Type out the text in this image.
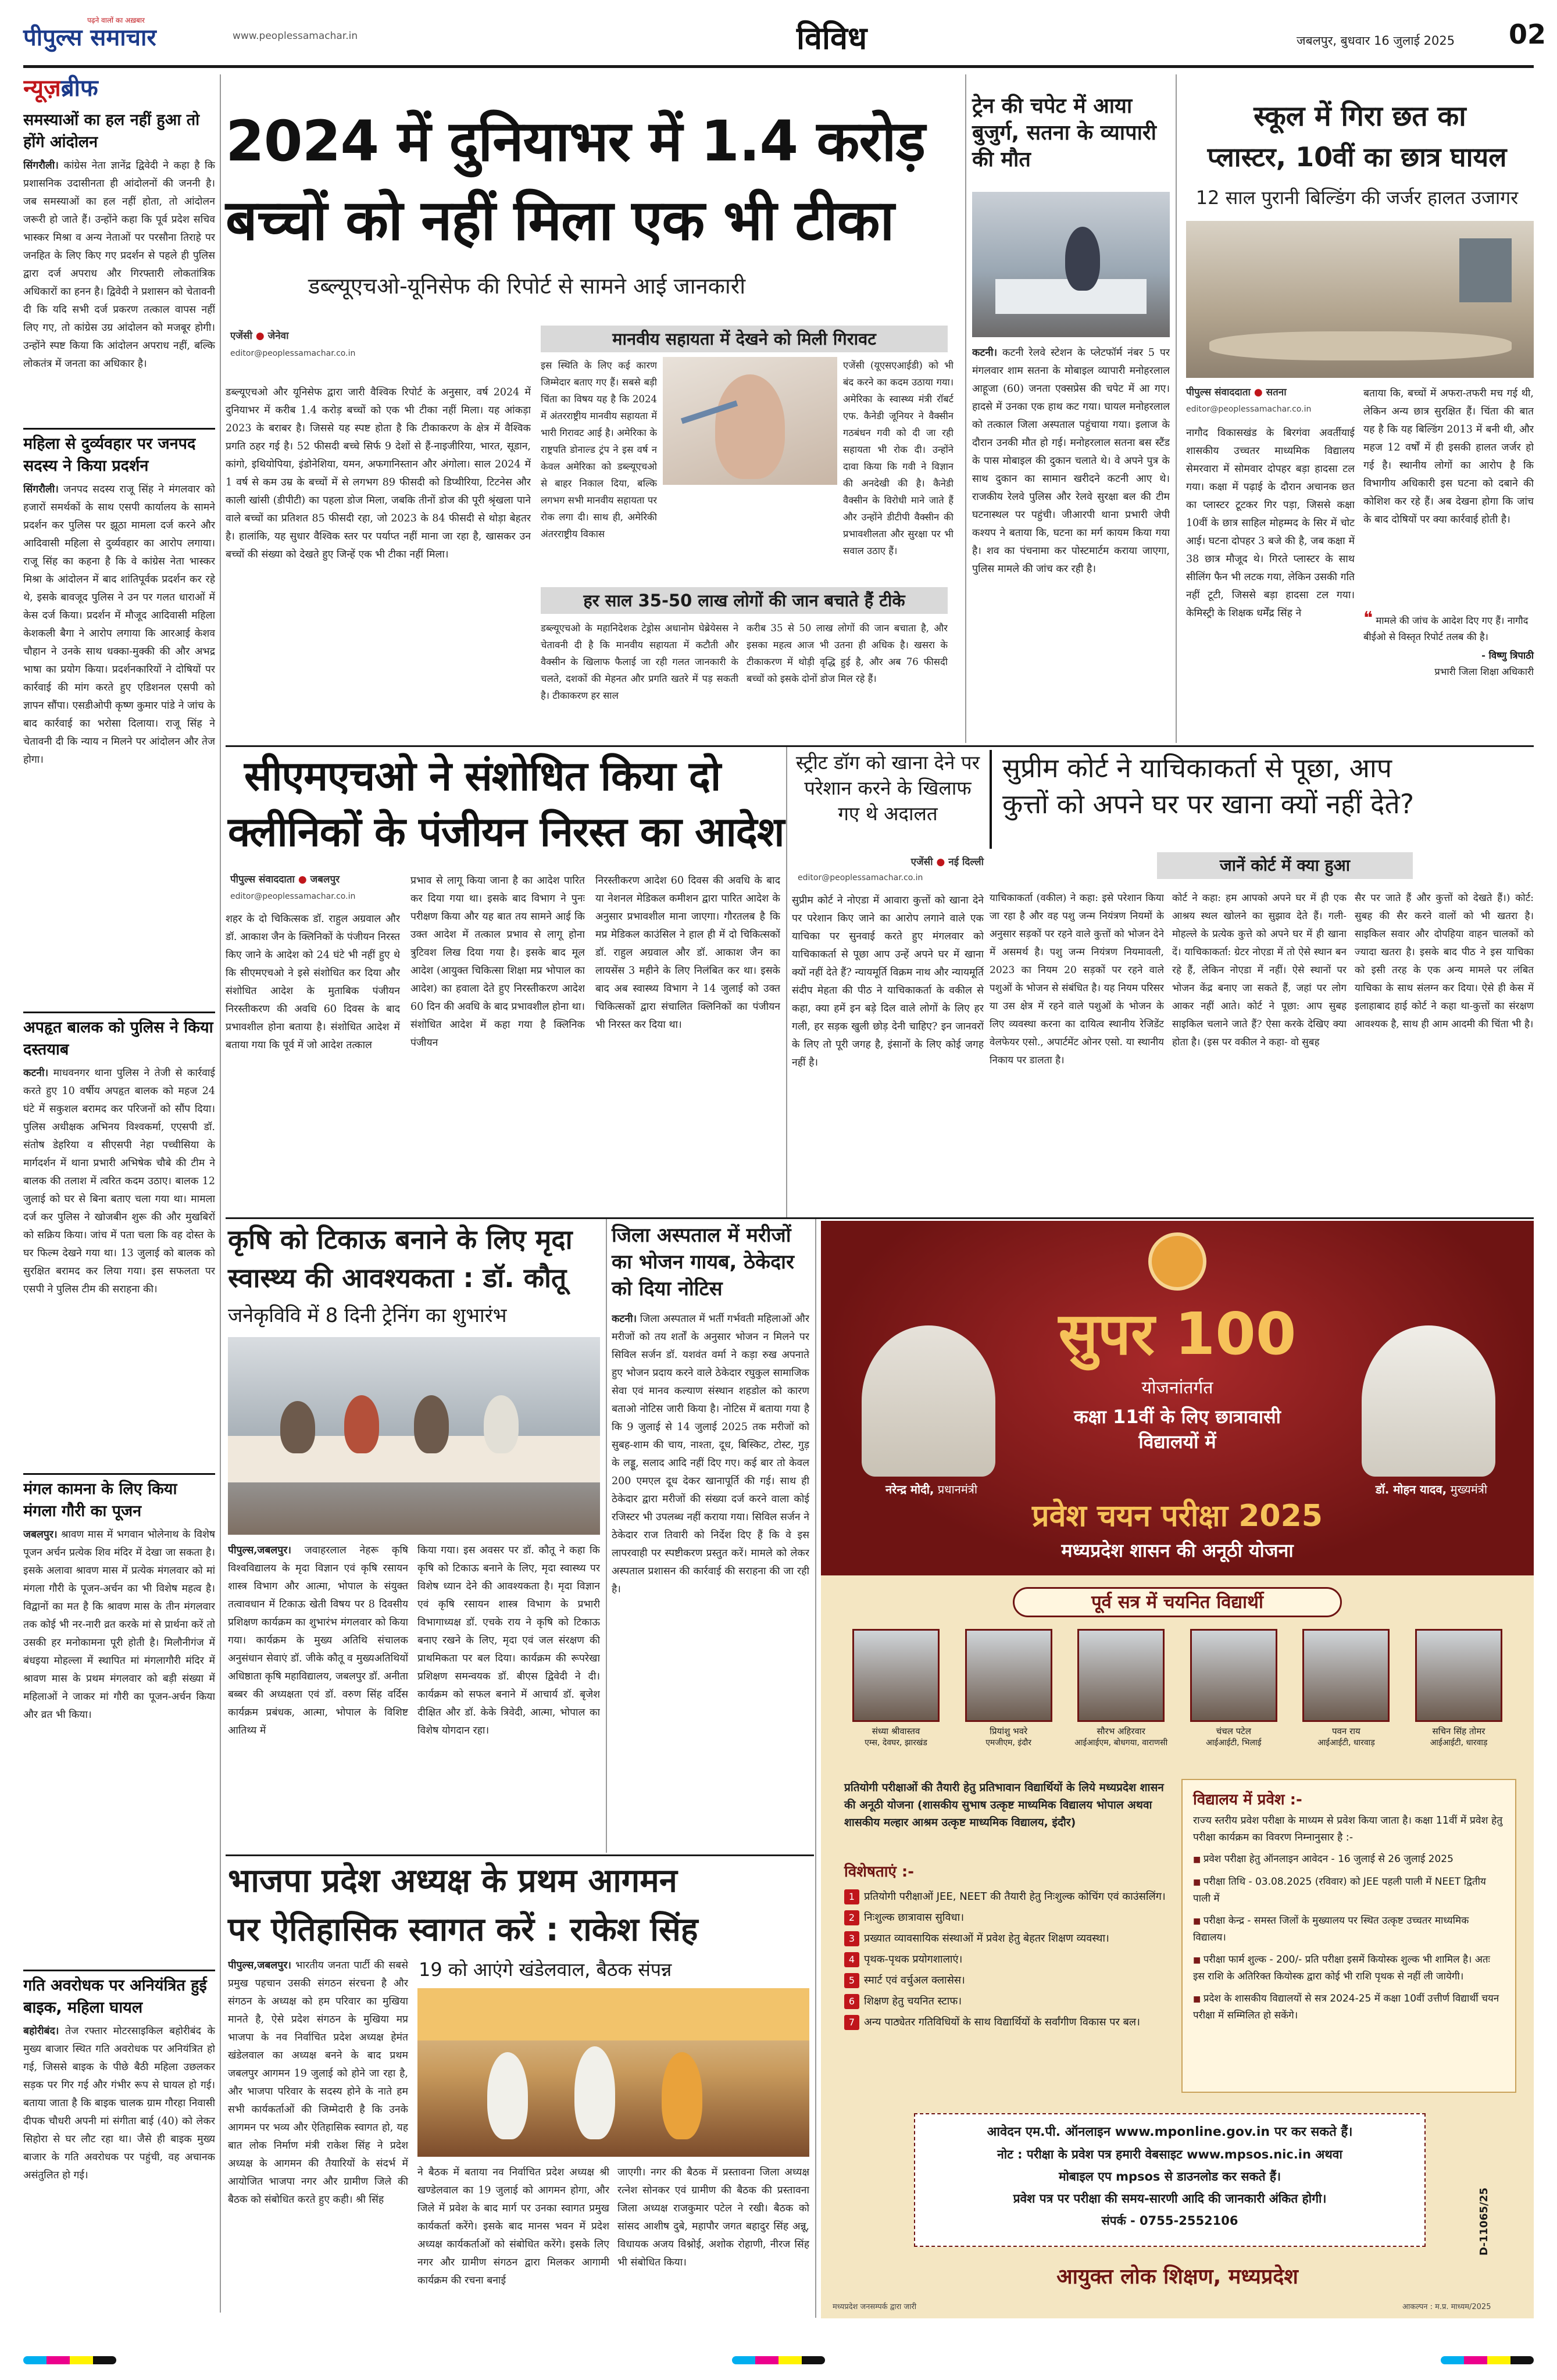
पढ़ने वालों का अख़बार
पीपुल्स समाचार	www.peoplessamachar.in	विविध	जबलपुर, बुधवार 16 जुलाई 2025 02
न्यूज़ब्रीफ
समस्याओं का हल नहीं हुआ तो होंगे आंदोलन
सिंगरौली। कांग्रेस नेता ज्ञानेंद्र द्विवेदी ने कहा है कि प्रशासनिक उदासीनता ही आंदोलनों की जननी है। जब समस्याओं का हल नहीं होता, तो आंदोलन जरूरी हो जाते हैं। उन्होंने कहा कि पूर्व प्रदेश सचिव भास्कर मिश्रा व अन्य नेताओं पर परसौना तिराहे पर जनहित के लिए किए गए प्रदर्शन से पहले ही पुलिस द्वारा दर्ज अपराध और गिरफ्तारी लोकतांत्रिक अधिकारों का हनन है। द्विवेदी ने प्रशासन को चेतावनी दी कि यदि सभी दर्ज प्रकरण तत्काल वापस नहीं लिए गए, तो कांग्रेस उग्र आंदोलन को मजबूर होगी। उन्होंने स्पष्ट किया कि आंदोलन अपराध नहीं, बल्कि लोकतंत्र में जनता का अधिकार है।
महिला से दुर्व्यवहार पर जनपद सदस्य ने किया प्रदर्शन
सिंगरौली। जनपद सदस्य राजू सिंह ने मंगलवार को हजारों समर्थकों के साथ एसपी कार्यालय के सामने प्रदर्शन कर पुलिस पर झूठा मामला दर्ज करने और आदिवासी महिला से दुर्व्यवहार का आरोप लगाया। राजू सिंह का कहना है कि वे कांग्रेस नेता भास्कर मिश्रा के आंदोलन में बाद शांतिपूर्वक प्रदर्शन कर रहे थे, इसके बावजूद पुलिस ने उन पर गलत धाराओं में केस दर्ज किया। प्रदर्शन में मौजूद आदिवासी महिला केशकली बैगा ने आरोप लगाया कि आरआई केशव चौहान ने उनके साथ धक्का-मुक्की की और अभद्र भाषा का प्रयोग किया। प्रदर्शनकारियों ने दोषियों पर कार्रवाई की मांग करते हुए एडिशनल एसपी को ज्ञापन सौंपा। एसडीओपी कृष्ण कुमार पांडे ने जांच के बाद कार्रवाई का भरोसा दिलाया। राजू सिंह ने चेतावनी दी कि न्याय न मिलने पर आंदोलन और तेज होगा।
अपहृत बालक को पुलिस ने किया दस्तयाब
कटनी। माधवनगर थाना पुलिस ने तेजी से कार्रवाई करते हुए 10 वर्षीय अपहृत बालक को महज 24 घंटे में सकुशल बरामद कर परिजनों को सौंप दिया। पुलिस अधीक्षक अभिनय विश्वकर्मा, एएसपी डॉ. संतोष डेहरिया व सीएसपी नेहा पच्चीसिया के मार्गदर्शन में थाना प्रभारी अभिषेक चौबे की टीम ने बालक की तलाश में त्वरित कदम उठाए। बालक 12 जुलाई को घर से बिना बताए चला गया था। मामला दर्ज कर पुलिस ने खोजबीन शुरू की और मुखबिरों को सक्रिय किया। जांच में पता चला कि वह दोस्त के घर फिल्म देखने गया था। 13 जुलाई को बालक को सुरक्षित बरामद कर लिया गया। इस सफलता पर एसपी ने पुलिस टीम की सराहना की।
मंगल कामना के लिए किया मंगला गौरी का पूजन
जबलपुर। श्रावण मास में भगवान भोलेनाथ के विशेष पूजन अर्चन प्रत्येक शिव मंदिर में देखा जा सकता है। इसके अलावा श्रावण मास में प्रत्येक मंगलवार को मां मंगला गौरी के पूजन-अर्चन का भी विशेष महत्व है। विद्वानों का मत है कि श्रावण मास के तीन मंगलवार तक कोई भी नर-नारी व्रत करके मां से प्रार्थना करें तो उसकी हर मनोकामना पूरी होती है। मिलौनीगंज में बंधइया मोहल्ला में स्थापित मां मंगलागौरी मंदिर में श्रावण मास के प्रथम मंगलवार को बड़ी संख्या में महिलाओं ने जाकर मां गौरी का पूजन-अर्चन किया और व्रत भी किया।
गति अवरोधक पर अनियंत्रित हुई बाइक, महिला घायल
बहोरीबंद। तेज रफ्तार मोटरसाइकिल बहोरीबंद के मुख्य बाजार स्थित गति अवरोधक पर अनियंत्रित हो गई, जिससे बाइक के पीछे बैठी महिला उछलकर सड़क पर गिर गई और गंभीर रूप से घायल हो गई। बताया जाता है कि बाइक चालक ग्राम गौरहा निवासी दीपक चौधरी अपनी मां संगीता बाई (40) को लेकर सिहोरा से घर लौट रहा था। जैसे ही बाइक मुख्य बाजार के गति अवरोधक पर पहुंची, वह अचानक असंतुलित हो गई।
2024 में दुनियाभर में 1.4 करोड़
बच्चों को नहीं मिला एक भी टीका
डब्ल्यूएचओ-यूनिसेफ की रिपोर्ट से सामने आई जानकारी
एजेंसी ● जेनेवा
editor@peoplessamachar.co.in
डब्ल्यूएचओ और यूनिसेफ द्वारा जारी वैश्विक रिपोर्ट के अनुसार, वर्ष 2024 में दुनियाभर में करीब 1.4 करोड़ बच्चों को एक भी टीका नहीं मिला। यह आंकड़ा 2023 के बराबर है। जिससे यह स्पष्ट होता है कि टीकाकरण के क्षेत्र में वैश्विक प्रगति ठहर गई है। 52 फीसदी बच्चे सिर्फ 9 देशों से हैं-नाइजीरिया, भारत, सूडान, कांगो, इथियोपिया, इंडोनेशिया, यमन, अफगानिस्तान और अंगोला। साल 2024 में 1 वर्ष से कम उम्र के बच्चों में से लगभग 89 फीसदी को डिप्थीरिया, टिटनेस और काली खांसी (डीपीटी) का पहला डोज मिला, जबकि तीनों डोज की पूरी श्रृंखला पाने वाले बच्चों का प्रतिशत 85 फीसदी रहा, जो 2023 के 84 फीसदी से थोड़ा बेहतर है। हालांकि, यह सुधार वैश्विक स्तर पर पर्याप्त नहीं माना जा रहा है, खासकर उन बच्चों की संख्या को देखते हुए जिन्हें एक भी टीका नहीं मिला।
मानवीय सहायता में देखने को मिली गिरावट
इस स्थिति के लिए कई कारण जिम्मेदार बताए गए हैं। सबसे बड़ी चिंता का विषय यह है कि 2024 में अंतरराष्ट्रीय मानवीय सहायता में भारी गिरावट आई है। अमेरिका के राष्ट्रपति डोनाल्ड ट्रंप ने इस वर्ष न केवल अमेरिका को डब्ल्यूएचओ से बाहर निकाल दिया, बल्कि लगभग सभी मानवीय सहायता पर रोक लगा दी। साथ ही, अमेरिकी अंतरराष्ट्रीय विकास
एजेंसी (यूएसएआईडी) को भी बंद करने का कदम उठाया गया। अमेरिका के स्वास्थ्य मंत्री रॉबर्ट एफ. कैनेडी जूनियर ने वैक्सीन गठबंधन गवी को दी जा रही सहायता भी रोक दी। उन्होंने दावा किया कि गवी ने विज्ञान की अनदेखी की है। कैनेडी वैक्सीन के विरोधी माने जाते हैं और उन्होंने डीटीपी वैक्सीन की प्रभावशीलता और सुरक्षा पर भी सवाल उठाए हैं।
हर साल 35-50 लाख लोगों की जान बचाते हैं टीके
डब्ल्यूएचओ के महानिदेशक टेड्रोस अधानोम घेब्रेयेसस ने चेतावनी दी है कि मानवीय सहायता में कटौती और वैक्सीन के खिलाफ फैलाई जा रही गलत जानकारी के चलते, दशकों की मेहनत और प्रगति खतरे में पड़ सकती है। टीकाकरण हर साल
करीब 35 से 50 लाख लोगों की जान बचाता है, और इसका महत्व आज भी उतना ही अधिक है। खसरा के टीकाकरण में थोड़ी वृद्धि हुई है, और अब 76 फीसदी बच्चों को इसके दोनों डोज मिल रहे हैं।
ट्रेन की चपेट में आया बुजुर्ग, सतना के व्यापारी की मौत
कटनी। कटनी रेलवे स्टेशन के प्लेटफॉर्म नंबर 5 पर मंगलवार शाम सतना के मोबाइल व्यापारी मनोहरलाल आहूजा (60) जनता एक्सप्रेस की चपेट में आ गए। हादसे में उनका एक हाथ कट गया। घायल मनोहरलाल को तत्काल जिला अस्पताल पहुंचाया गया। इलाज के दौरान उनकी मौत हो गई। मनोहरलाल सतना बस स्टैंड के पास मोबाइल की दुकान चलाते थे। वे अपने पुत्र के साथ दुकान का सामान खरीदने कटनी आए थे। राजकीय रेलवे पुलिस और रेलवे सुरक्षा बल की टीम घटनास्थल पर पहुंची। जीआरपी थाना प्रभारी जेपी कश्यप ने बताया कि, घटना का मर्ग कायम किया गया है। शव का पंचनामा कर पोस्टमार्टम कराया जाएगा, पुलिस मामले की जांच कर रही है।
स्कूल में गिरा छत का
प्लास्टर, 10वीं का छात्र घायल
12 साल पुरानी बिल्डिंग की जर्जर हालत उजागर
पीपुल्स संवाददाता ● सतना
editor@peoplessamachar.co.in
नागौद विकासखंड के बिरगंवा अवर्तीयाई शासकीय उच्चतर माध्यमिक विद्यालय सेमरवारा में सोमवार दोपहर बड़ा हादसा टल गया। कक्षा में पढ़ाई के दौरान अचानक छत का प्लास्टर टूटकर गिर पड़ा, जिससे कक्षा 10वीं के छात्र साहिल मोहम्मद के सिर में चोट आई। घटना दोपहर 3 बजे की है, जब कक्षा में 38 छात्र मौजूद थे। गिरते प्लास्टर के साथ सीलिंग फैन भी लटक गया, लेकिन उसकी गति नहीं टूटी, जिससे बड़ा हादसा टल गया। केमिस्ट्री के शिक्षक धर्मेंद्र सिंह ने
बताया कि, बच्चों में अफरा-तफरी मच गई थी, लेकिन अन्य छात्र सुरक्षित हैं। चिंता की बात यह है कि यह बिल्डिंग 2013 में बनी थी, और महज 12 वर्षों में ही इसकी हालत जर्जर हो गई है। स्थानीय लोगों का आरोप है कि विभागीय अधिकारी इस घटना को दबाने की कोशिश कर रहे हैं। अब देखना होगा कि जांच के बाद दोषियों पर क्या कार्रवाई होती है।
❝ मामले की जांच के आदेश दिए गए हैं। नागौद बीईओ से विस्तृत रिपोर्ट तलब की है।
- विष्णु त्रिपाठी
प्रभारी जिला शिक्षा अधिकारी
सीएमएचओ ने संशोधित किया दो
क्लीनिकों के पंजीयन निरस्त का आदेश
पीपुल्स संवाददाता ● जबलपुर
editor@peoplessamachar.co.in
शहर के दो चिकित्सक डॉ. राहुल अग्रवाल और डॉ. आकाश जैन के क्लिनिकों के पंजीयन निरस्त किए जाने के आदेश को 24 घंटे भी नहीं हुए थे कि सीएमएचओ ने इसे संशोधित कर दिया और संशोधित आदेश के मुताबिक पंजीयन निरस्तीकरण की अवधि 60 दिवस के बाद प्रभावशील होना बताया है। संशोधित आदेश में बताया गया कि पूर्व में जो आदेश तत्काल
प्रभाव से लागू किया जाना है का आदेश पारित कर दिया गया था। इसके बाद विभाग ने पुनः परीक्षण किया और यह बात तय सामने आई कि उक्त आदेश में तत्काल प्रभाव से लागू होना त्रुटिवश लिख दिया गया है। इसके बाद मूल आदेश (आयुक्त चिकित्सा शिक्षा मप्र भोपाल का आदेश) का हवाला देते हुए निरस्तीकरण आदेश 60 दिन की अवधि के बाद प्रभावशील होना था। संशोधित आदेश में कहा गया है क्लिनिक पंजीयन
निरस्तीकरण आदेश 60 दिवस की अवधि के बाद या नेशनल मेडिकल कमीशन द्वारा पारित आदेश के अनुसार प्रभावशील माना जाएगा। गौरतलब है कि मप्र मेडिकल काउंसिल ने हाल ही में दो चिकित्सकों डॉ. राहुल अग्रवाल और डॉ. आकाश जैन का लायसेंस 3 महीने के लिए निलंबित कर था। इसके बाद अब स्वास्थ्य विभाग ने 14 जुलाई को उक्त चिकित्सकों द्वारा संचालित क्लिनिकों का पंजीयन भी निरस्त कर दिया था।
स्ट्रीट डॉग को खाना देने पर परेशान करने के खिलाफ गए थे अदालत
एजेंसी ● नई दिल्ली
editor@peoplessamachar.co.in
सुप्रीम कोर्ट ने नोएडा में आवारा कुत्तों को खाना देने पर परेशान किए जाने का आरोप लगाने वाले एक याचिका पर सुनवाई करते हुए मंगलवार को याचिकाकर्ता से पूछा आप उन्हें अपने घर में खाना क्यों नहीं देते हैं? न्यायमूर्ति विक्रम नाथ और न्यायमूर्ति संदीप मेहता की पीठ ने याचिकाकर्ता के वकील से कहा, क्या हमें इन बड़े दिल वाले लोगों के लिए हर गली, हर सड़क खुली छोड़ देनी चाहिए? इन जानवरों के लिए तो पूरी जगह है, इंसानों के लिए कोई जगह नहीं है।
सुप्रीम कोर्ट ने याचिकाकर्ता से पूछा, आप
कुत्तों को अपने घर पर खाना क्यों नहीं देते?
जानें कोर्ट में क्या हुआ
याचिकाकर्ता (वकील) ने कहा: इसे परेशान किया जा रहा है और वह पशु जन्म नियंत्रण नियमों के अनुसार सड़कों पर रहने वाले कुत्तों को भोजन देने में असमर्थ है। पशु जन्म नियंत्रण नियमावली, 2023 का नियम 20 सड़कों पर रहने वाले पशुओं के भोजन से संबंधित है। यह नियम परिसर या उस क्षेत्र में रहने वाले पशुओं के भोजन के लिए व्यवस्था करना का दायित्व स्थानीय रेजिडेंट वेलफेयर एसो., अपार्टमेंट ओनर एसो. या स्थानीय निकाय पर डालता है।
कोर्ट ने कहा: हम आपको अपने घर में ही एक आश्रय स्थल खोलने का सुझाव देते हैं। गली-मोहल्ले के प्रत्येक कुत्ते को अपने घर में ही खाना दें। याचिकाकर्ता: ग्रेटर नोएडा में तो ऐसे स्थान बन रहे हैं, लेकिन नोएडा में नहीं। ऐसे स्थानों पर भोजन केंद्र बनाए जा सकते हैं, जहां पर लोग आकर नहीं आते। कोर्ट ने पूछा: आप सुबह साइकिल चलाने जाते हैं? ऐसा करके देखिए क्या होता है। (इस पर वकील ने कहा- वो सुबह
सैर पर जाते हैं और कुत्तों को देखते हैं।) कोर्ट: सुबह की सैर करने वालों को भी खतरा है। साइकिल सवार और दोपहिया वाहन चालकों को ज्यादा खतरा है। इसके बाद पीठ ने इस याचिका को इसी तरह के एक अन्य मामले पर लंबित याचिका के साथ संलग्न कर दिया। ऐसे ही केस में इलाहाबाद हाई कोर्ट ने कहा था-कुत्तों का संरक्षण आवश्यक है, साथ ही आम आदमी की चिंता भी है।
कृषि को टिकाऊ बनाने के लिए मृदा
स्वास्थ्य की आवश्यकता : डॉ. कौतू
जनेकृविवि में 8 दिनी ट्रेनिंग का शुभारंभ
पीपुल्स,जबलपुर। जवाहरलाल नेहरू कृषि विश्वविद्यालय के मृदा विज्ञान एवं कृषि रसायन शास्त्र विभाग और आत्मा, भोपाल के संयुक्त तत्वावधान में टिकाऊ खेती विषय पर 8 दिवसीय प्रशिक्षण कार्यक्रम का शुभारंभ मंगलवार को किया गया। कार्यक्रम के मुख्य अतिथि संचालक अनुसंधान सेवाएं डॉ. जीके कौतू व मुख्यअतिथियों अधिष्ठाता कृषि महाविद्यालय, जबलपुर डॉ. अनीता बब्बर की अध्यक्षता एवं डॉ. वरुण सिंह वर्दिस कार्यक्रम प्रबंधक, आत्मा, भोपाल के विशिष्ट आतिथ्य में
किया गया। इस अवसर पर डॉ. कौतू ने कहा कि कृषि को टिकाऊ बनाने के लिए, मृदा स्वास्थ्य पर विशेष ध्यान देने की आवश्यकता है। मृदा विज्ञान एवं कृषि रसायन शास्त्र विभाग के प्रभारी विभागाध्यक्ष डॉ. एचके राय ने कृषि को टिकाऊ बनाए रखने के लिए, मृदा एवं जल संरक्षण की प्राथमिकता पर बल दिया। कार्यक्रम की रूपरेखा प्रशिक्षण समन्वयक डॉ. बीएस द्विवेदी ने दी। कार्यक्रम को सफल बनाने में आचार्य डॉ. बृजेश दीक्षित और डॉ. केके त्रिवेदी, आत्मा, भोपाल का विशेष योगदान रहा।
जिला अस्पताल में मरीजों का भोजन गायब, ठेकेदार को दिया नोटिस
कटनी। जिला अस्पताल में भर्ती गर्भवती महिलाओं और मरीजों को तय शर्तों के अनुसार भोजन न मिलने पर सिविल सर्जन डॉ. यशवंत वर्मा ने कड़ा रुख अपनाते हुए भोजन प्रदाय करने वाले ठेकेदार रघुकुल सामाजिक सेवा एवं मानव कल्याण संस्थान शहडोल को कारण बताओ नोटिस जारी किया है। नोटिस में बताया गया है कि 9 जुलाई से 14 जुलाई 2025 तक मरीजों को सुबह-शाम की चाय, नाश्ता, दूध, बिस्किट, टोस्ट, गुड़ के लड्डू, सलाद आदि नहीं दिए गए। कई बार तो केवल 200 एमएल दूध देकर खानापूर्ति की गई। साथ ही ठेकेदार द्वारा मरीजों की संख्या दर्ज करने वाला कोई रजिस्टर भी उपलब्ध नहीं कराया गया। सिविल सर्जन ने ठेकेदार राज तिवारी को निर्देश दिए हैं कि वे इस लापरवाही पर स्पष्टीकरण प्रस्तुत करें। मामले को लेकर अस्पताल प्रशासन की कार्रवाई की सराहना की जा रही है।
भाजपा प्रदेश अध्यक्ष के प्रथम आगमन
पर ऐतिहासिक स्वागत करें : राकेश सिंह
19 को आएंगे खंडेलवाल, बैठक संपन्न
पीपुल्स,जबलपुर। भारतीय जनता पार्टी की सबसे प्रमुख पहचान उसकी संगठन संरचना है और संगठन के अध्यक्ष को हम परिवार का मुखिया मानते है, ऐसे प्रदेश संगठन के मुखिया मप्र भाजपा के नव निर्वाचित प्रदेश अध्यक्ष हेमंत खंडेलवाल का अध्यक्ष बनने के बाद प्रथम जबलपुर आगमन 19 जुलाई को होने जा रहा है, और भाजपा परिवार के सदस्य होने के नाते हम सभी कार्यकर्ताओं की जिम्मेदारी है कि उनके आगमन पर भव्य और ऐतिहासिक स्वागत हो, यह बात लोक निर्माण मंत्री राकेश सिंह ने प्रदेश अध्यक्ष के आगमन की तैयारियों के संदर्भ में आयोजित भाजपा नगर और ग्रामीण जिले की बैठक को संबोधित करते हुए कही। श्री सिंह
ने बैठक में बताया नव निर्वाचित प्रदेश अध्यक्ष श्री खण्डेलवाल का 19 जुलाई को आगमन होगा, और जिले में प्रवेश के बाद मार्ग पर उनका स्वागत प्रमुख कार्यकर्ता करेंगे। इसके बाद मानस भवन में प्रदेश अध्यक्ष कार्यकर्ताओं को संबोधित करेंगे। इसके लिए नगर और ग्रामीण संगठन द्वारा मिलकर आगामी कार्यक्रम की रचना बनाई
जाएगी। नगर की बैठक में प्रस्तावना जिला अध्यक्ष रत्नेश सोनकर एवं ग्रामीण की बैठक की प्रस्तावना जिला अध्यक्ष राजकुमार पटेल ने रखी। बैठक को सांसद आशीष दुबे, महापौर जगत बहादुर सिंह अन्नू, विधायक अजय विश्नोई, अशोक रोहाणी, नीरज सिंह भी संबोधित किया।
सुपर 100
योजनांतर्गत
कक्षा 11वीं के लिए छात्रावासी
विद्यालयों में
नरेन्द्र मोदी, प्रधानमंत्री	डॉ. मोहन यादव, मुख्यमंत्री
प्रवेश चयन परीक्षा 2025
मध्यप्रदेश शासन की अनूठी योजना
पूर्व सत्र में चयनित विद्यार्थी
संध्या श्रीवास्तव
एम्स, देवघर, झारखंड
प्रियांशु भवरे
एमजीएम, इंदौर
सौरभ अहिरवार
आईआईएम, बोधगया, वाराणसी
चंचल पटेल
आईआईटी, भिलाई
पवन राय
आईआईटी, धारवाड़
सचिन सिंह तोमर
आईआईटी, धारवाड़
प्रतियोगी परीक्षाओं की तैयारी हेतु प्रतिभावान विद्यार्थियों के लिये मध्यप्रदेश शासन की अनूठी योजना (शासकीय सुभाष उत्कृष्ट माध्यमिक विद्यालय भोपाल अथवा शासकीय मल्हार आश्रम उत्कृष्ट माध्यमिक विद्यालय, इंदौर)
विशेषताएं :-
1 प्रतियोगी परीक्षाओं JEE, NEET की तैयारी हेतु निःशुल्क कोचिंग एवं काउंसलिंग।
2 निःशुल्क छात्रावास सुविधा।
3 प्रख्यात व्यावसायिक संस्थाओं में प्रवेश हेतु बेहतर शिक्षण व्यवस्था।
4 पृथक-पृथक प्रयोगशालाएं।
5 स्मार्ट एवं वर्चुअल क्लासेस।
6 शिक्षण हेतु चयनित स्टाफ।
7 अन्य पाठ्येतर गतिविधियों के साथ विद्यार्थियों के सर्वांगीण विकास पर बल।
विद्यालय में प्रवेश :-
राज्य स्तरीय प्रवेश परीक्षा के माध्यम से प्रवेश किया जाता है। कक्षा 11वीं में प्रवेश हेतु परीक्षा कार्यक्रम का विवरण निम्नानुसार है :-
■ प्रवेश परीक्षा हेतु ऑनलाइन आवेदन - 16 जुलाई से 26 जुलाई 2025
■ परीक्षा तिथि - 03.08.2025 (रविवार) को JEE पहली पाली में NEET द्वितीय पाली में
■ परीक्षा केन्द्र - समस्त जिलों के मुख्यालय पर स्थित उत्कृष्ट उच्चतर माध्यमिक विद्यालय।
■ परीक्षा फार्म शुल्क - 200/- प्रति परीक्षा इसमें कियोस्क शुल्क भी शामिल है। अतः इस राशि के अतिरिक्त कियोस्क द्वारा कोई भी राशि पृथक से नहीं ली जायेगी।
■ प्रदेश के शासकीय विद्यालयों से सत्र 2024-25 में कक्षा 10वीं उत्तीर्ण विद्यार्थी चयन परीक्षा में सम्मिलित हो सकेंगे।
आवेदन एम.पी. ऑनलाइन www.mponline.gov.in पर कर सकते हैं।
नोट : परीक्षा के प्रवेश पत्र हमारी वेबसाइट www.mpsos.nic.in अथवा
मोबाइल एप mpsos से डाउनलोड कर सकते हैं।
प्रवेश पत्र पर परीक्षा की समय-सारणी आदि की जानकारी अंकित होगी।
संपर्क - 0755-2552106	D-11065/25
आयुक्त लोक शिक्षण, मध्यप्रदेश
मध्यप्रदेश जनसम्पर्क द्वारा जारी	आकल्पन : म.प्र. माध्यम/2025
